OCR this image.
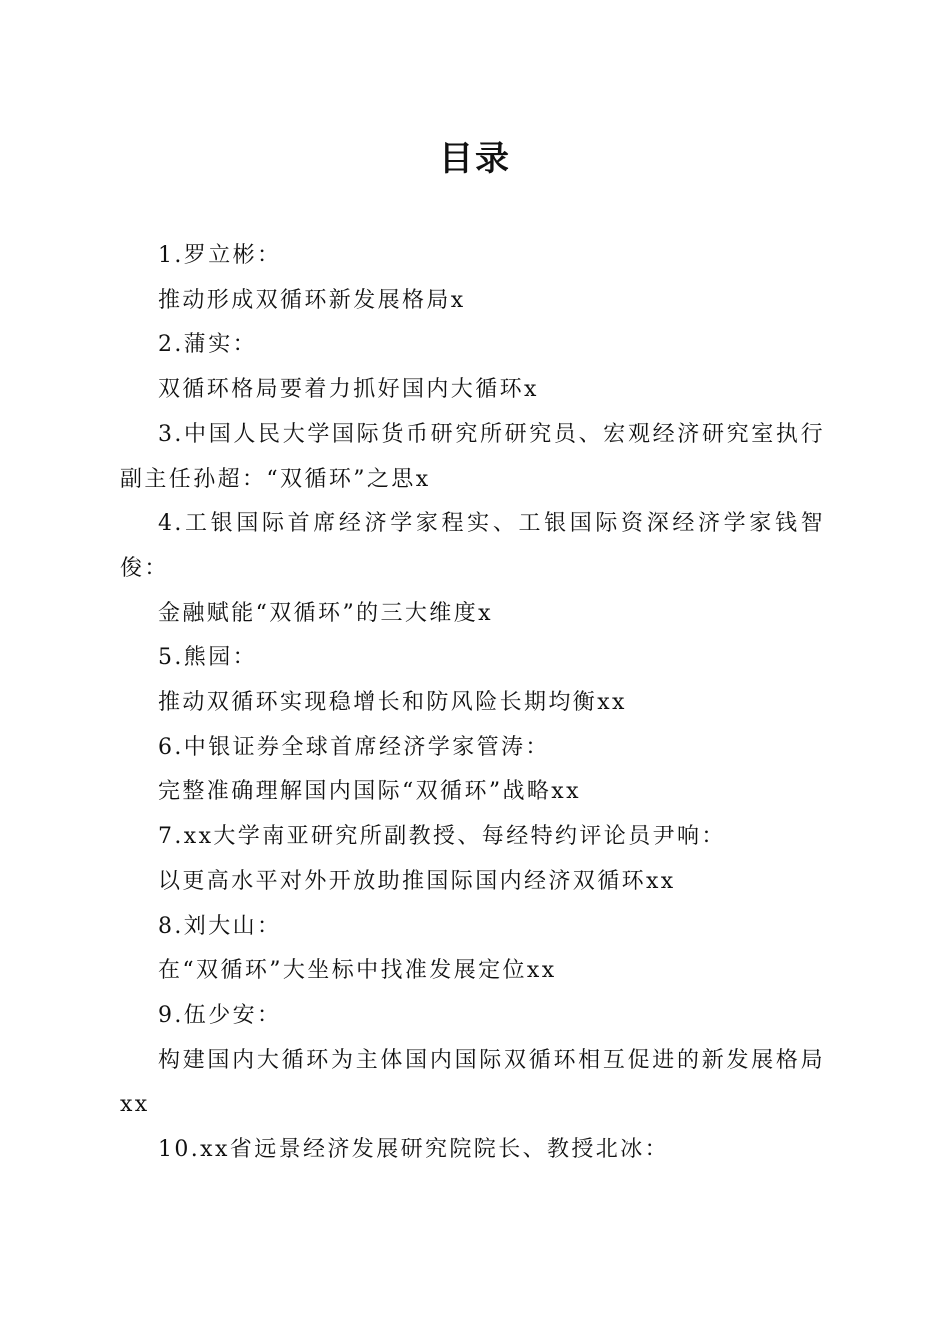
目录
1.罗立彬：
推动形成双循环新发展格局x
2.蒲实：
双循环格局要着力抓好国内大循环x
3.中国人民大学国际货币研究所研究员、宏观经济研究室执行副主任孙超：“双循环”之思x
4.工银国际首席经济学家程实、工银国际资深经济学家钱智俊：
金融赋能“双循环”的三大维度x
5.熊园：
推动双循环实现稳增长和防风险长期均衡xx
6.中银证券全球首席经济学家管涛：
完整准确理解国内国际“双循环”战略xx
7.xx大学南亚研究所副教授、每经特约评论员尹响：
以更高水平对外开放助推国际国内经济双循环xx
8.刘大山：
在“双循环”大坐标中找准发展定位xx
9.伍少安：
构建国内大循环为主体国内国际双循环相互促进的新发展格局xx
10.xx省远景经济发展研究院院长、教授北冰：
